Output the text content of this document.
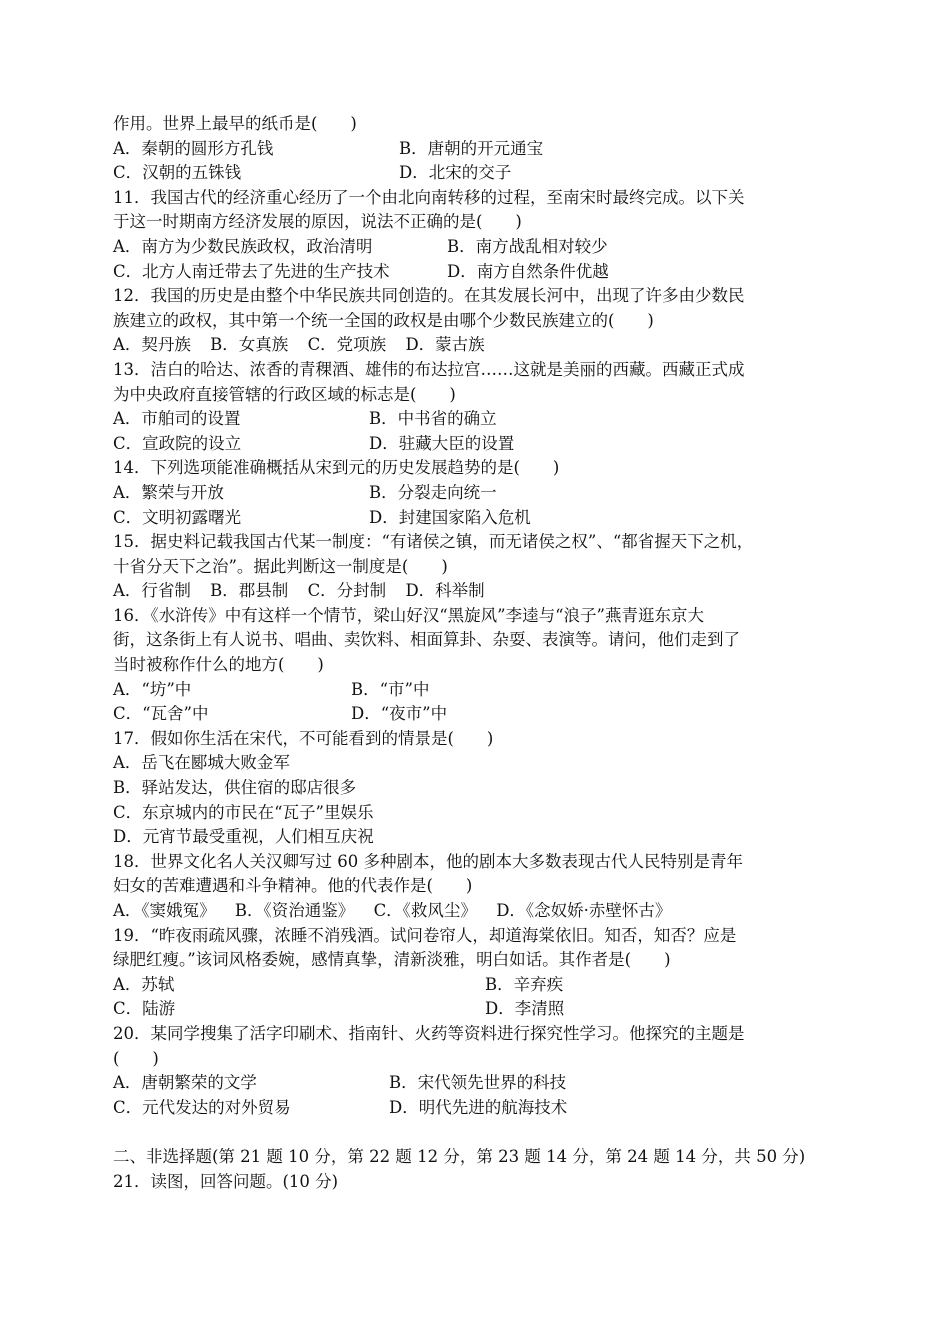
作用。世界上最早的纸币是(　　)
A．秦朝的圆形方孔钱	B．唐朝的开元通宝
C．汉朝的五铢钱	D．北宋的交子
11．我国古代的经济重心经历了一个由北向南转移的过程，至南宋时最终完成。以下关
于这一时期南方经济发展的原因，说法不正确的是(　　)
A．南方为少数民族政权，政治清明	B．南方战乱相对较少
C．北方人南迁带去了先进的生产技术	D．南方自然条件优越
12．我国的历史是由整个中华民族共同创造的。在其发展长河中，出现了许多由少数民
族建立的政权，其中第一个统一全国的政权是由哪个少数民族建立的(　　)
A．契丹族 B．女真族 C．党项族 D．蒙古族
13．洁白的哈达、浓香的青稞酒、雄伟的布达拉宫……这就是美丽的西藏。西藏正式成
为中央政府直接管辖的行政区域的标志是(　　)
A．市舶司的设置	B．中书省的确立
C．宣政院的设立	D．驻藏大臣的设置
14．下列选项能准确概括从宋到元的历史发展趋势的是(　　)
A．繁荣与开放	B．分裂走向统一
C．文明初露曙光	D．封建国家陷入危机
15．据史料记载我国古代某一制度：“有诸侯之镇，而无诸侯之权”、“都省握天下之机，
十省分天下之治”。据此判断这一制度是(　　)
A．行省制 B．郡县制 C．分封制 D．科举制
16．《水浒传》中有这样一个情节，梁山好汉“黑旋风”李逵与“浪子”燕青逛东京大
街，这条街上有人说书、唱曲、卖饮料、相面算卦、杂耍、表演等。请问，他们走到了
当时被称作什么的地方(　　)
A．“坊”中	B．“市”中
C．“瓦舍”中	D．“夜市”中
17．假如你生活在宋代，不可能看到的情景是(　　)
A．岳飞在郾城大败金军
B．驿站发达，供住宿的邸店很多
C．东京城内的市民在“瓦子”里娱乐
D．元宵节最受重视，人们相互庆祝
18．世界文化名人关汉卿写过 60 多种剧本，他的剧本大多数表现古代人民特别是青年
妇女的苦难遭遇和斗争精神。他的代表作是(　　)
A．《窦娥冤》 B．《资治通鉴》 C．《救风尘》 D．《念奴娇·赤壁怀古》
19．“昨夜雨疏风骤，浓睡不消残酒。试问卷帘人，却道海棠依旧。知否，知否？应是
绿肥红瘦。”该词风格委婉，感情真挚，清新淡雅，明白如话。其作者是(　　)
A．苏轼	B．辛弃疾
C．陆游	D．李清照
20．某同学搜集了活字印刷术、指南针、火药等资料进行探究性学习。他探究的主题是
(　　)
A．唐朝繁荣的文学	B．宋代领先世界的科技
C．元代发达的对外贸易	D．明代先进的航海技术
二、非选择题(第 21 题 10 分，第 22 题 12 分，第 23 题 14 分，第 24 题 14 分，共 50 分)
21．读图，回答问题。(10 分)
